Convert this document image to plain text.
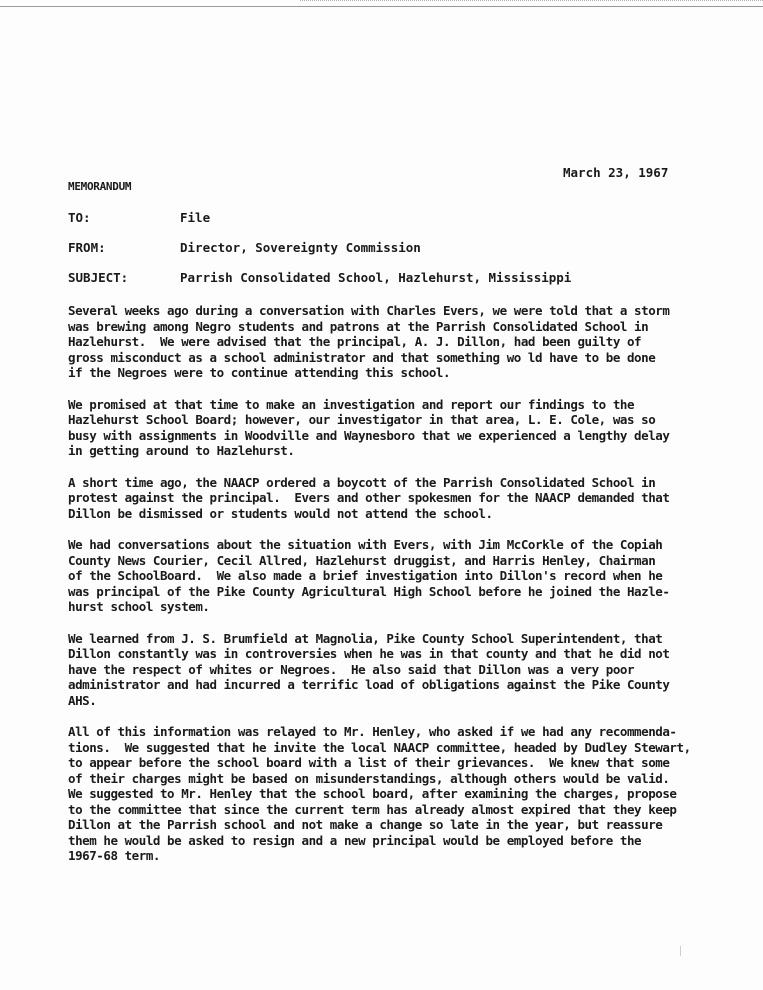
March 23, 1967
MEMORANDUM
TO:	File
FROM:	Director, Sovereignty Commission
SUBJECT:	Parrish Consolidated School, Hazlehurst, Mississippi
Several weeks ago during a conversation with Charles Evers, we were told that a storm
was brewing among Negro students and patrons at the Parrish Consolidated School in
Hazlehurst.  We were advised that the principal, A. J. Dillon, had been guilty of
gross misconduct as a school administrator and that something wo ld have to be done
if the Negroes were to continue attending this school.
We promised at that time to make an investigation and report our findings to the
Hazlehurst School Board; however, our investigator in that area, L. E. Cole, was so
busy with assignments in Woodville and Waynesboro that we experienced a lengthy delay
in getting around to Hazlehurst.
A short time ago, the NAACP ordered a boycott of the Parrish Consolidated School in
protest against the principal.  Evers and other spokesmen for the NAACP demanded that
Dillon be dismissed or students would not attend the school.
We had conversations about the situation with Evers, with Jim McCorkle of the Copiah
County News Courier, Cecil Allred, Hazlehurst druggist, and Harris Henley, Chairman
of the SchoolBoard.  We also made a brief investigation into Dillon's record when he
was principal of the Pike County Agricultural High School before he joined the Hazle-
hurst school system.
We learned from J. S. Brumfield at Magnolia, Pike County School Superintendent, that
Dillon constantly was in controversies when he was in that county and that he did not
have the respect of whites or Negroes.  He also said that Dillon was a very poor
administrator and had incurred a terrific load of obligations against the Pike County
AHS.
All of this information was relayed to Mr. Henley, who asked if we had any recommenda-
tions.  We suggested that he invite the local NAACP committee, headed by Dudley Stewart,
to appear before the school board with a list of their grievances.  We knew that some
of their charges might be based on misunderstandings, although others would be valid.
We suggested to Mr. Henley that the school board, after examining the charges, propose
to the committee that since the current term has already almost expired that they keep
Dillon at the Parrish school and not make a change so late in the year, but reassure
them he would be asked to resign and a new principal would be employed before the
1967-68 term.
